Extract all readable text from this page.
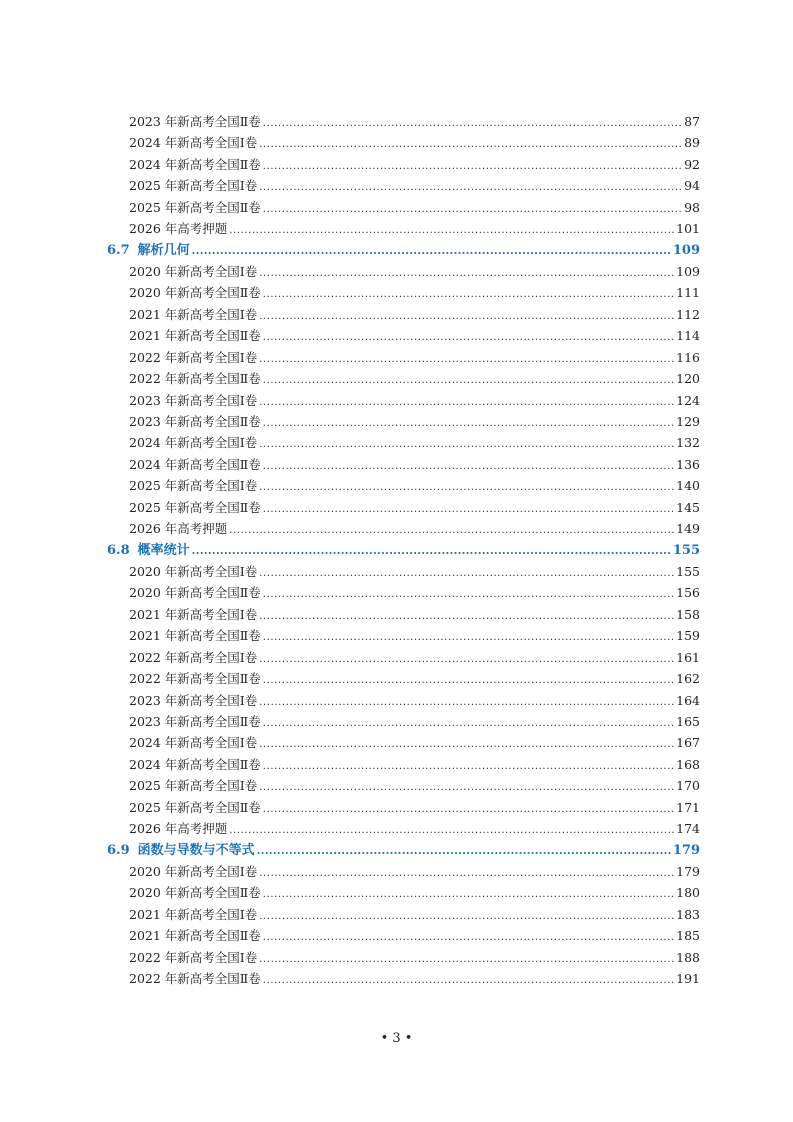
2023 年新高考全国Ⅱ卷 .....	87
2024 年新高考全国Ⅰ卷 .....	89
2024 年新高考全国Ⅱ卷 .....	92
2025 年新高考全国Ⅰ卷 .....	94
2025 年新高考全国Ⅱ卷 .....	98
2026 年高考押题 .....	101
6.7 解析几何 .....	109
2020 年新高考全国Ⅰ卷 .....	109
2020 年新高考全国Ⅱ卷 .....	111
2021 年新高考全国Ⅰ卷 .....	112
2021 年新高考全国Ⅱ卷 .....	114
2022 年新高考全国Ⅰ卷 .....	116
2022 年新高考全国Ⅱ卷 .....	120
2023 年新高考全国Ⅰ卷 .....	124
2023 年新高考全国Ⅱ卷 .....	129
2024 年新高考全国Ⅰ卷 .....	132
2024 年新高考全国Ⅱ卷 .....	136
2025 年新高考全国Ⅰ卷 .....	140
2025 年新高考全国Ⅱ卷 .....	145
2026 年高考押题 .....	149
6.8 概率统计 .....	155
2020 年新高考全国Ⅰ卷 .....	155
2020 年新高考全国Ⅱ卷 .....	156
2021 年新高考全国Ⅰ卷 .....	158
2021 年新高考全国Ⅱ卷 .....	159
2022 年新高考全国Ⅰ卷 .....	161
2022 年新高考全国Ⅱ卷 .....	162
2023 年新高考全国Ⅰ卷 .....	164
2023 年新高考全国Ⅱ卷 .....	165
2024 年新高考全国Ⅰ卷 .....	167
2024 年新高考全国Ⅱ卷 .....	168
2025 年新高考全国Ⅰ卷 .....	170
2025 年新高考全国Ⅱ卷 .....	171
2026 年高考押题 .....	174
6.9 函数与导数与不等式 .....	179
2020 年新高考全国Ⅰ卷 .....	179
2020 年新高考全国Ⅱ卷 .....	180
2021 年新高考全国Ⅰ卷 .....	183
2021 年新高考全国Ⅱ卷 .....	185
2022 年新高考全国Ⅰ卷 .....	188
2022 年新高考全国Ⅱ卷 .....	191
• 3 •
